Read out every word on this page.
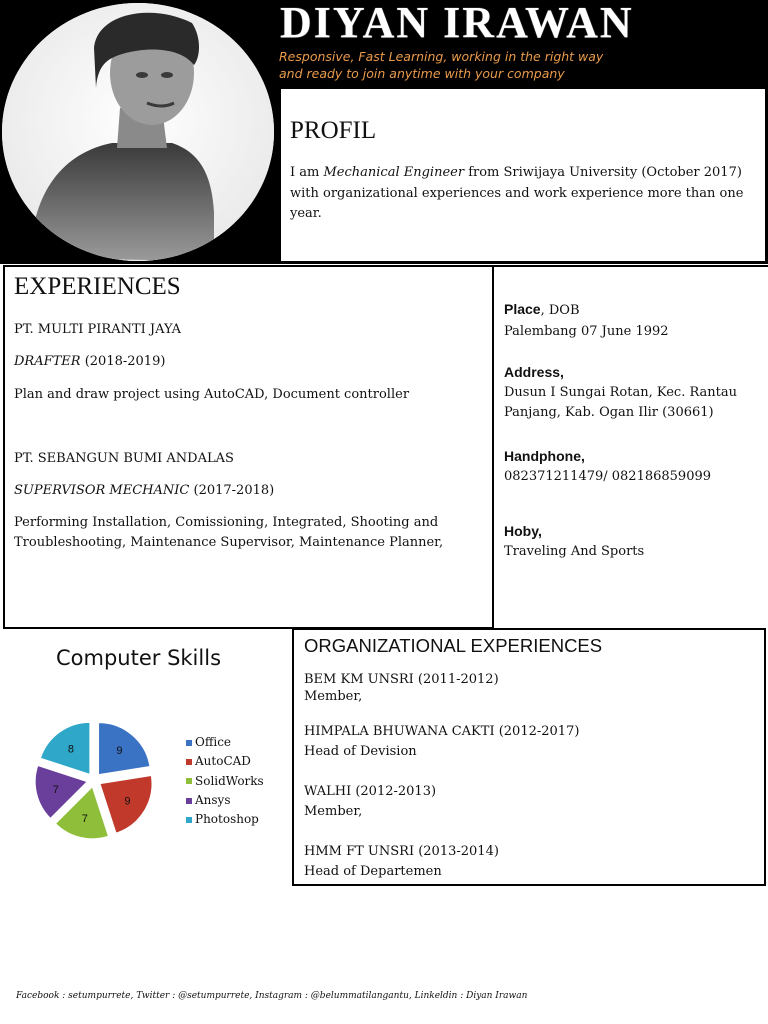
DIYAN IRAWAN
Responsive, Fast Learning, working in the right way
and ready to join anytime with your company
PROFIL
I am Mechanical Engineer from Sriwijaya University (October 2017) with organizational experiences and work experience more than one year.
EXPERIENCES
PT. MULTI PIRANTI JAYA
DRAFTER (2018-2019)
Plan and draw project using AutoCAD, Document controller
PT. SEBANGUN BUMI ANDALAS
SUPERVISOR MECHANIC (2017-2018)
Performing Installation, Comissioning, Integrated, Shooting and Troubleshooting, Maintenance Supervisor, Maintenance Planner,
Place, DOB
Palembang 07 June 1992
Address,
Dusun I Sungai Rotan, Kec. Rantau Panjang, Kab. Ogan Ilir (30661)
Handphone,
082371211479/ 082186859099
Hoby,
Traveling And Sports
Computer Skills
9
9
7
7
8
Office
AutoCAD
SolidWorks
Ansys
Photoshop
ORGANIZATIONAL EXPERIENCES
BEM KM UNSRI (2011-2012)
Member,
HIMPALA BHUWANA CAKTI (2012-2017)
Head of Devision
WALHI (2012-2013)
Member,
HMM FT UNSRI (2013-2014)
Head of Departemen
Facebook : setumpurrete, Twitter : @setumpurrete, Instagram : @belummatilangantu, Linkeldin : Diyan Irawan
